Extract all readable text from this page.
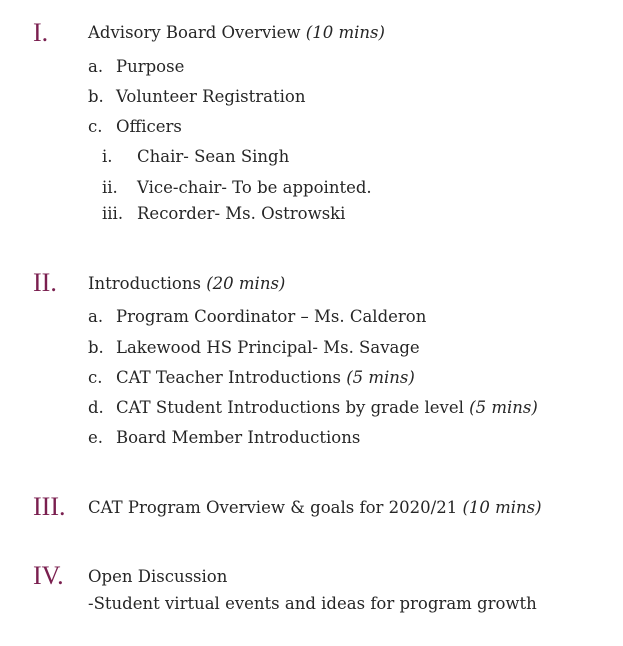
I. Advisory Board Overview (10 mins)
a. Purpose
b. Volunteer Registration
c. Officers
i. Chair- Sean Singh
ii. Vice-chair- To be appointed.
iii. Recorder- Ms. Ostrowski
II. Introductions (20 mins)
a. Program Coordinator – Ms. Calderon
b. Lakewood HS Principal- Ms. Savage
c. CAT Teacher Introductions (5 mins)
d. CAT Student Introductions by grade level (5 mins)
e. Board Member Introductions
III. CAT Program Overview & goals for 2020/21 (10 mins)
IV. Open Discussion
-Student virtual events and ideas for program growth
